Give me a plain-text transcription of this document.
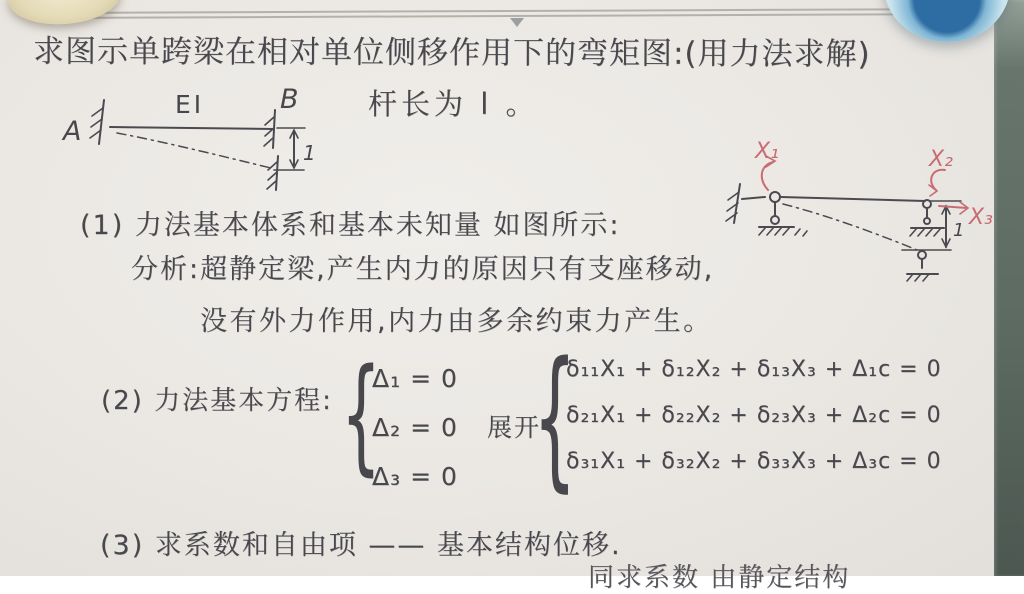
求图示单跨梁在相对单位侧移作用下的弯矩图:(用力法求解)
杆长为 l 。
A
EI	B
1
1
X₁	X₂
X₃
(1) 力法基本体系和基本未知量 如图所示:
分析:超静定梁,产生内力的原因只有支座移动,
没有外力作用,内力由多余约束力产生。
(2) 力法基本方程: {
Δ₁ = 0
Δ₂ = 0
Δ₃ = 0
展开
{
δ₁₁X₁ + δ₁₂X₂ + δ₁₃X₃ + Δ₁c = 0
δ₂₁X₁ + δ₂₂X₂ + δ₂₃X₃ + Δ₂c = 0
δ₃₁X₁ + δ₃₂X₂ + δ₃₃X₃ + Δ₃c = 0
(3) 求系数和自由项 —— 基本结构位移.
同求系数 由静定结构
